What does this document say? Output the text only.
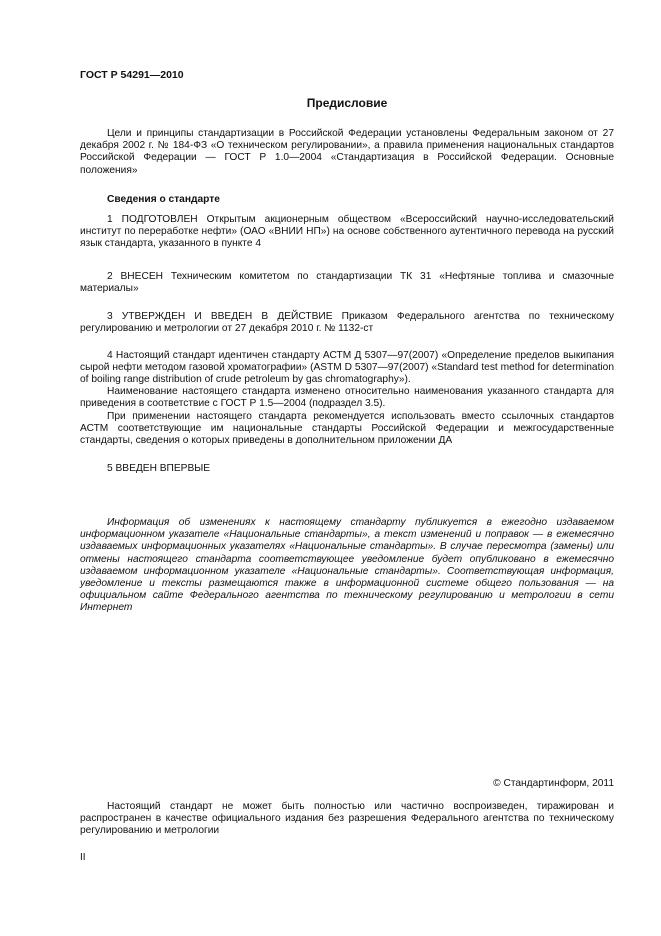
ГОСТ Р 54291—2010
Предисловие

Цели и принципы стандартизации в Российской Федерации установлены Федеральным законом от 27 декабря 2002 г. № 184-ФЗ «О техническом регулировании», а правила применения национальных стандартов Российской Федерации — ГОСТ Р 1.0—2004 «Стандартизация в Российской Федерации. Основные положения»

Сведения о стандарте

1 ПОДГОТОВЛЕН Открытым акционерным обществом «Всероссийский научно-исследовательский институт по переработке нефти» (ОАО «ВНИИ НП») на основе собственного аутентичного перевода на русский язык стандарта, указанного в пункте 4

2 ВНЕСЕН Техническим комитетом по стандартизации ТК 31 «Нефтяные топлива и смазочные материалы»

3 УТВЕРЖДЕН И ВВЕДЕН В ДЕЙСТВИЕ Приказом Федерального агентства по техническому регулированию и метрологии от 27 декабря 2010 г. № 1132-ст

4 Настоящий стандарт идентичен стандарту АСТМ Д 5307—97(2007) «Определение пределов выкипания сырой нефти методом газовой хроматографии» (ASTM D 5307—97(2007) «Standard test method for determination of boiling range distribution of crude petroleum by gas chromatography»).

Наименование настоящего стандарта изменено относительно наименования указанного стандарта для приведения в соответствие с ГОСТ Р 1.5—2004 (подраздел 3.5).

При применении настоящего стандарта рекомендуется использовать вместо ссылочных стандартов АСТМ соответствующие им национальные стандарты Российской Федерации и межгосударственные стандарты, сведения о которых приведены в дополнительном приложении ДА

5 ВВЕДЕН ВПЕРВЫЕ

Информация об изменениях к настоящему стандарту публикуется в ежегодно издаваемом информационном указателе «Национальные стандарты», а текст изменений и поправок — в ежемесячно издаваемых информационных указателях «Национальные стандарты». В случае пересмотра (замены) или отмены настоящего стандарта соответствующее уведомление будет опубликовано в ежемесячно издаваемом информационном указателе «Национальные стандарты». Соответствующая информация, уведомление и тексты размещаются также в информационной системе общего пользования — на официальном сайте Федерального агентства по техническому регулированию и метрологии в сети Интернет

© Стандартинформ, 2011

Настоящий стандарт не может быть полностью или частично воспроизведен, тиражирован и распространен в качестве официального издания без разрешения Федерального агентства по техническому регулированию и метрологии

II
